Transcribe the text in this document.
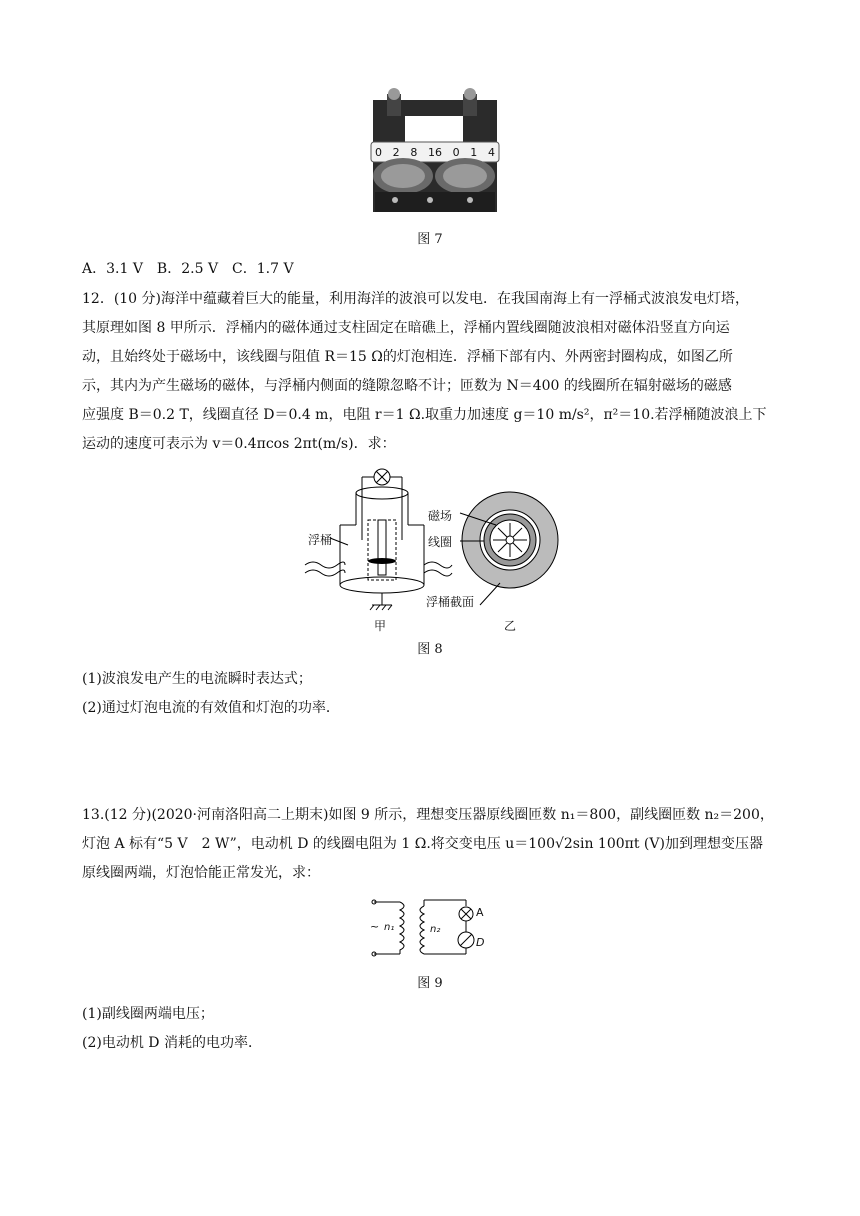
0 2 8 16 0 1 4
图 7
A．3.1 V　B．2.5 V　C．1.7 V
12．(10 分)海洋中蕴藏着巨大的能量，利用海洋的波浪可以发电．在我国南海上有一浮桶式波浪发电灯塔，
其原理如图 8 甲所示．浮桶内的磁体通过支柱固定在暗礁上，浮桶内置线圈随波浪相对磁体沿竖直方向运
动，且始终处于磁场中，该线圈与阻值 R＝15 Ω的灯泡相连．浮桶下部有内、外两密封圈构成，如图乙所
示，其内为产生磁场的磁体，与浮桶内侧面的缝隙忽略不计；匝数为 N＝400 的线圈所在辐射磁场的磁感
应强度 B＝0.2 T，线圈直径 D＝0.4 m，电阻 r＝1 Ω.取重力加速度 g＝10 m/s²，π²＝10.若浮桶随波浪上下
运动的速度可表示为 v＝0.4πcos 2πt(m/s)．求：
浮桶
磁场
线圈
浮桶截面
甲	乙
图 8
(1)波浪发电产生的电流瞬时表达式；
(2)通过灯泡电流的有效值和灯泡的功率．
13.(12 分)(2020·河南洛阳高二上期末)如图 9 所示，理想变压器原线圈匝数 n₁＝800，副线圈匝数 n₂＝200，
灯泡 A 标有“5 V　2 W”，电动机 D 的线圈电阻为 1 Ω.将交变电压 u＝100√2sin 100πt (V)加到理想变压器
原线圈两端，灯泡恰能正常发光，求：
~ n₁	n₂
A
D
图 9
(1)副线圈两端电压；
(2)电动机 D 消耗的电功率．
